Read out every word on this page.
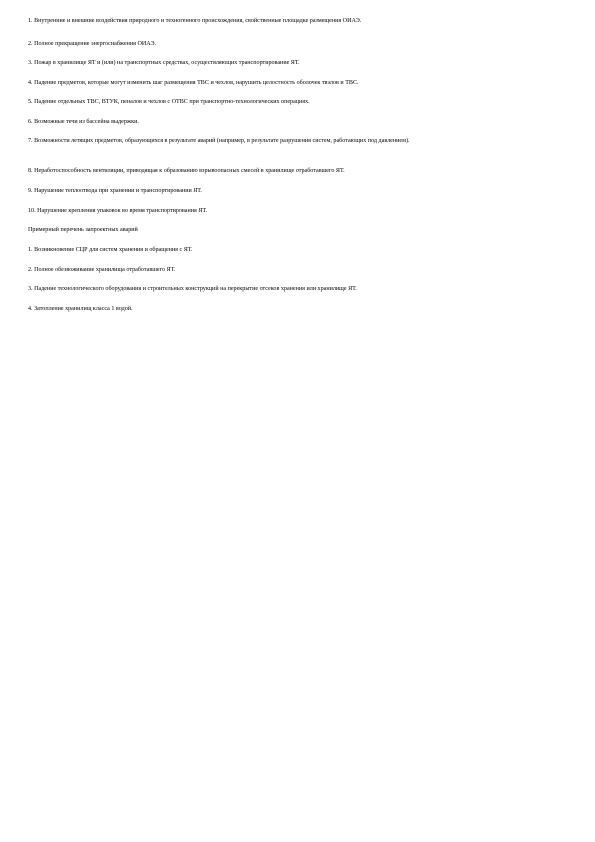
1. Внутренние и внешние воздействия природного и техногенного происхождения, свойственные площадке размещения ОИАЭ.
2. Полное прекращение энергоснабжения ОИАЭ.
3. Пожар в хранилище ЯТ и (или) на транспортных средствах, осуществляющих транспортирование ЯТ.
4. Падение предметов, которые могут изменить шаг размещения ТВС и чехлов, нарушить целостность оболочек твэлов и ТВС.
5. Падение отдельных ТВС, ВТУК, пеналов и чехлов с ОТВС при транспортно-технологических операциях.
6. Возможные течи из бассейна выдержки.
7. Возможности летящих предметов, образующихся в результате аварий (например, в результате разрушения систем, работающих под давлением).
8. Неработоспособность вентиляции, приводящая к образованию взрывоопасных смесей в хранилище отработавшего ЯТ.
9. Нарушение теплоотвода при хранении и транспортировании ЯТ.
10. Нарушение крепления упаковок во время транспортирования ЯТ.
Примерный перечень запроектных аварий
1. Возникновение СЦР для систем хранения и обращения с ЯТ.
2. Полное обезвоживание хранилища отработавшего ЯТ.
3. Падение технологического оборудования и строительных конструкций на перекрытие отсеков хранения или хранилище ЯТ.
4. Затопление хранилищ класса 1 водой.
